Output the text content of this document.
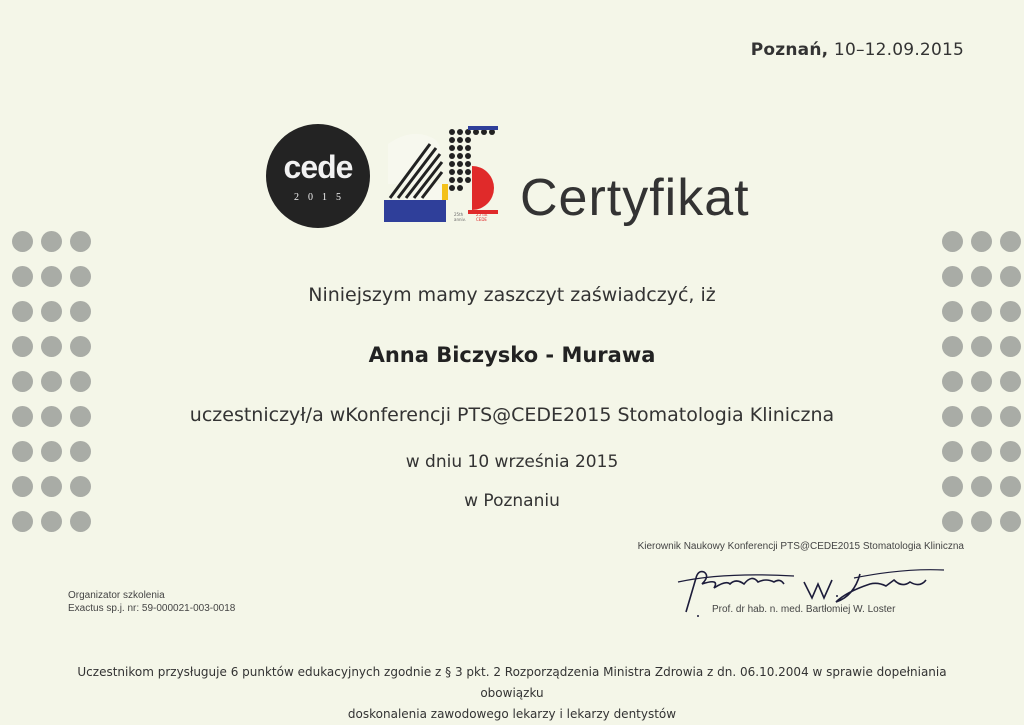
Poznań, 10–12.09.2015
cede
2015
25th
anniv.
25 lat
CEDE Certyfikat

Niniejszym mamy zaszczyt zaświadczyć, iż
Anna Biczysko - Murawa
uczestniczył/a wKonferencji PTS@CEDE2015 Stomatologia Kliniczna
w dniu 10 września 2015
w Poznaniu
Organizator szkolenia
Exactus sp.j. nr: 59-000021-003-0018
Kierownik Naukowy Konferencji PTS@CEDE2015 Stomatologia Kliniczna
Prof. dr hab. n. med. Bartłomiej W. Loster
Uczestnikom przysługuje 6 punktów edukacyjnych zgodnie z § 3 pkt. 2 Rozporządzenia Ministra Zdrowia z dn. 06.10.2004 w sprawie dopełniania obowiązku
doskonalenia zawodowego lekarzy i lekarzy dentystów
